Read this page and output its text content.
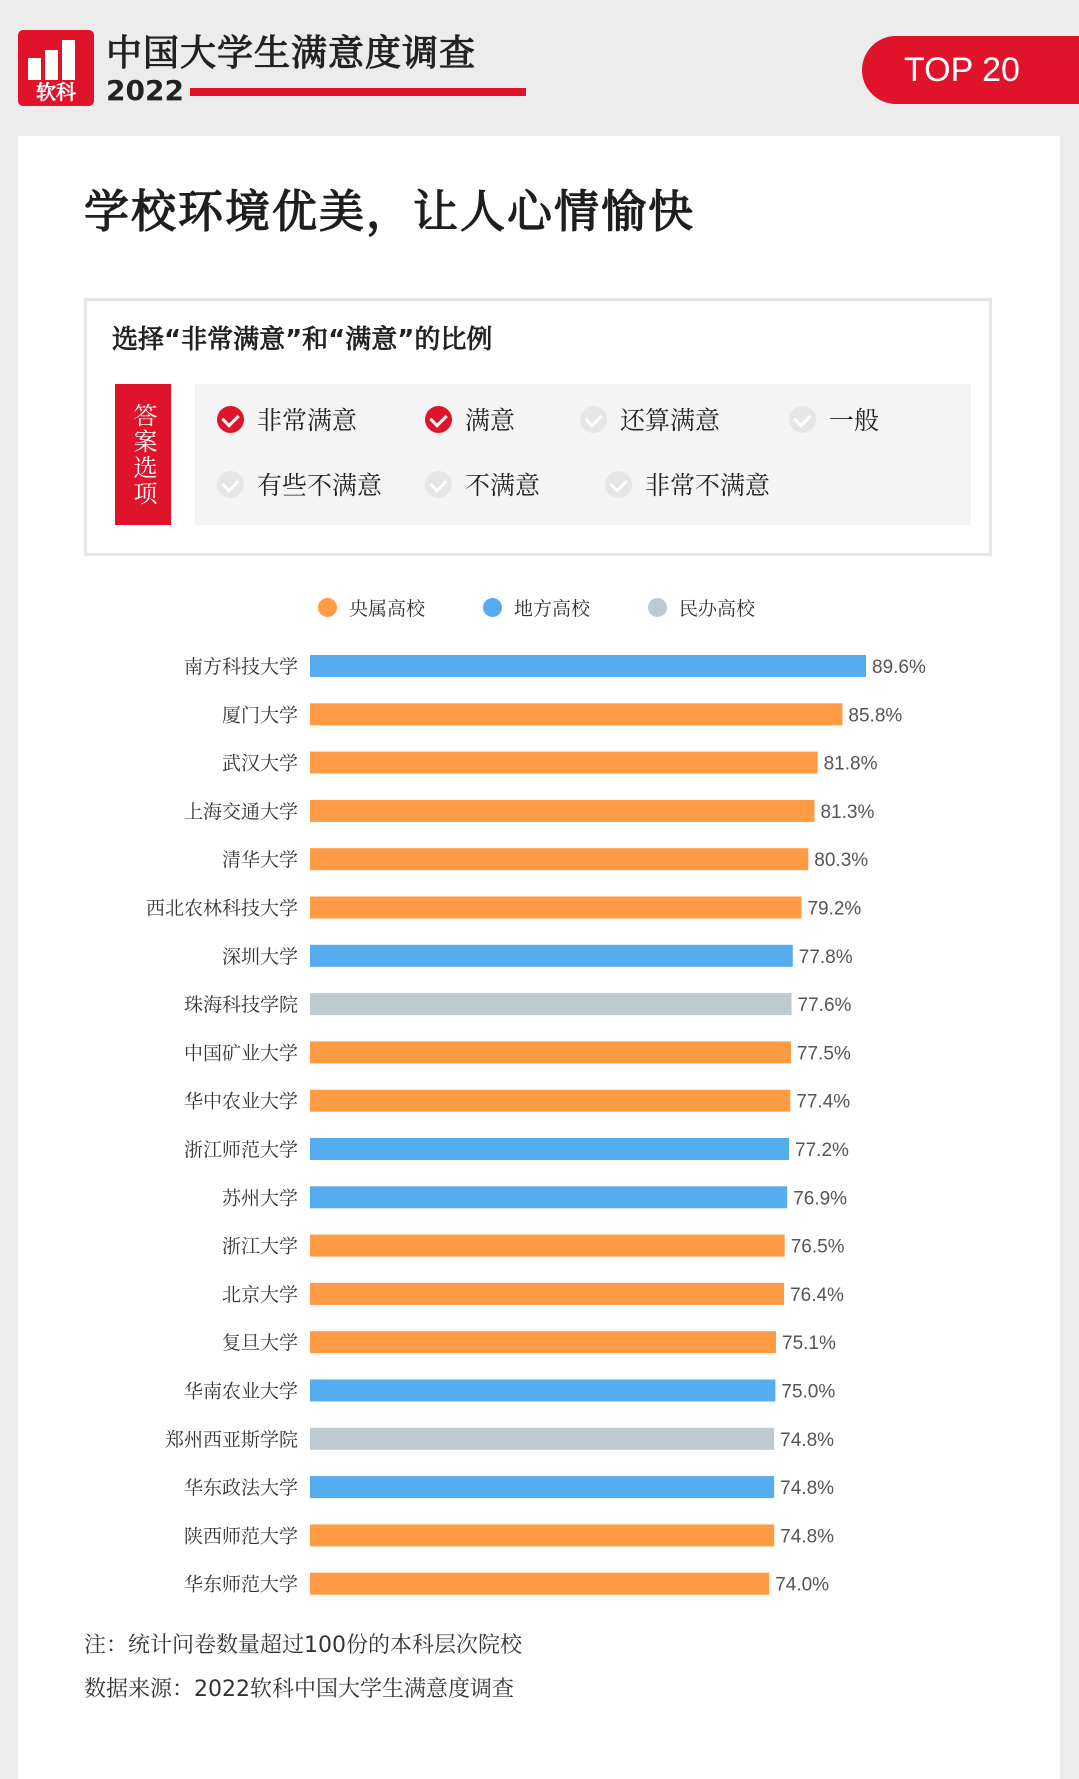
软科
中国大学生满意度调查
2022
TOP 20
学校环境优美，让人心情愉快
选择“非常满意”和“满意”的比例
答案选项	非常满意	满意	还算满意	一般
有些不满意	不满意	非常不满意
央属高校	地方高校	民办高校
南方科技大学	89.6%
厦门大学	85.8%
武汉大学	81.8%
上海交通大学	81.3%
清华大学	80.3%
西北农林科技大学	79.2%
深圳大学	77.8%
珠海科技学院	77.6%
中国矿业大学	77.5%
华中农业大学	77.4%
浙江师范大学	77.2%
苏州大学	76.9%
浙江大学	76.5%
北京大学	76.4%
复旦大学	75.1%
华南农业大学	75.0%
郑州西亚斯学院	74.8%
华东政法大学	74.8%
陕西师范大学	74.8%
华东师范大学	74.0%
注：统计问卷数量超过100份的本科层次院校
数据来源：2022软科中国大学生满意度调查
